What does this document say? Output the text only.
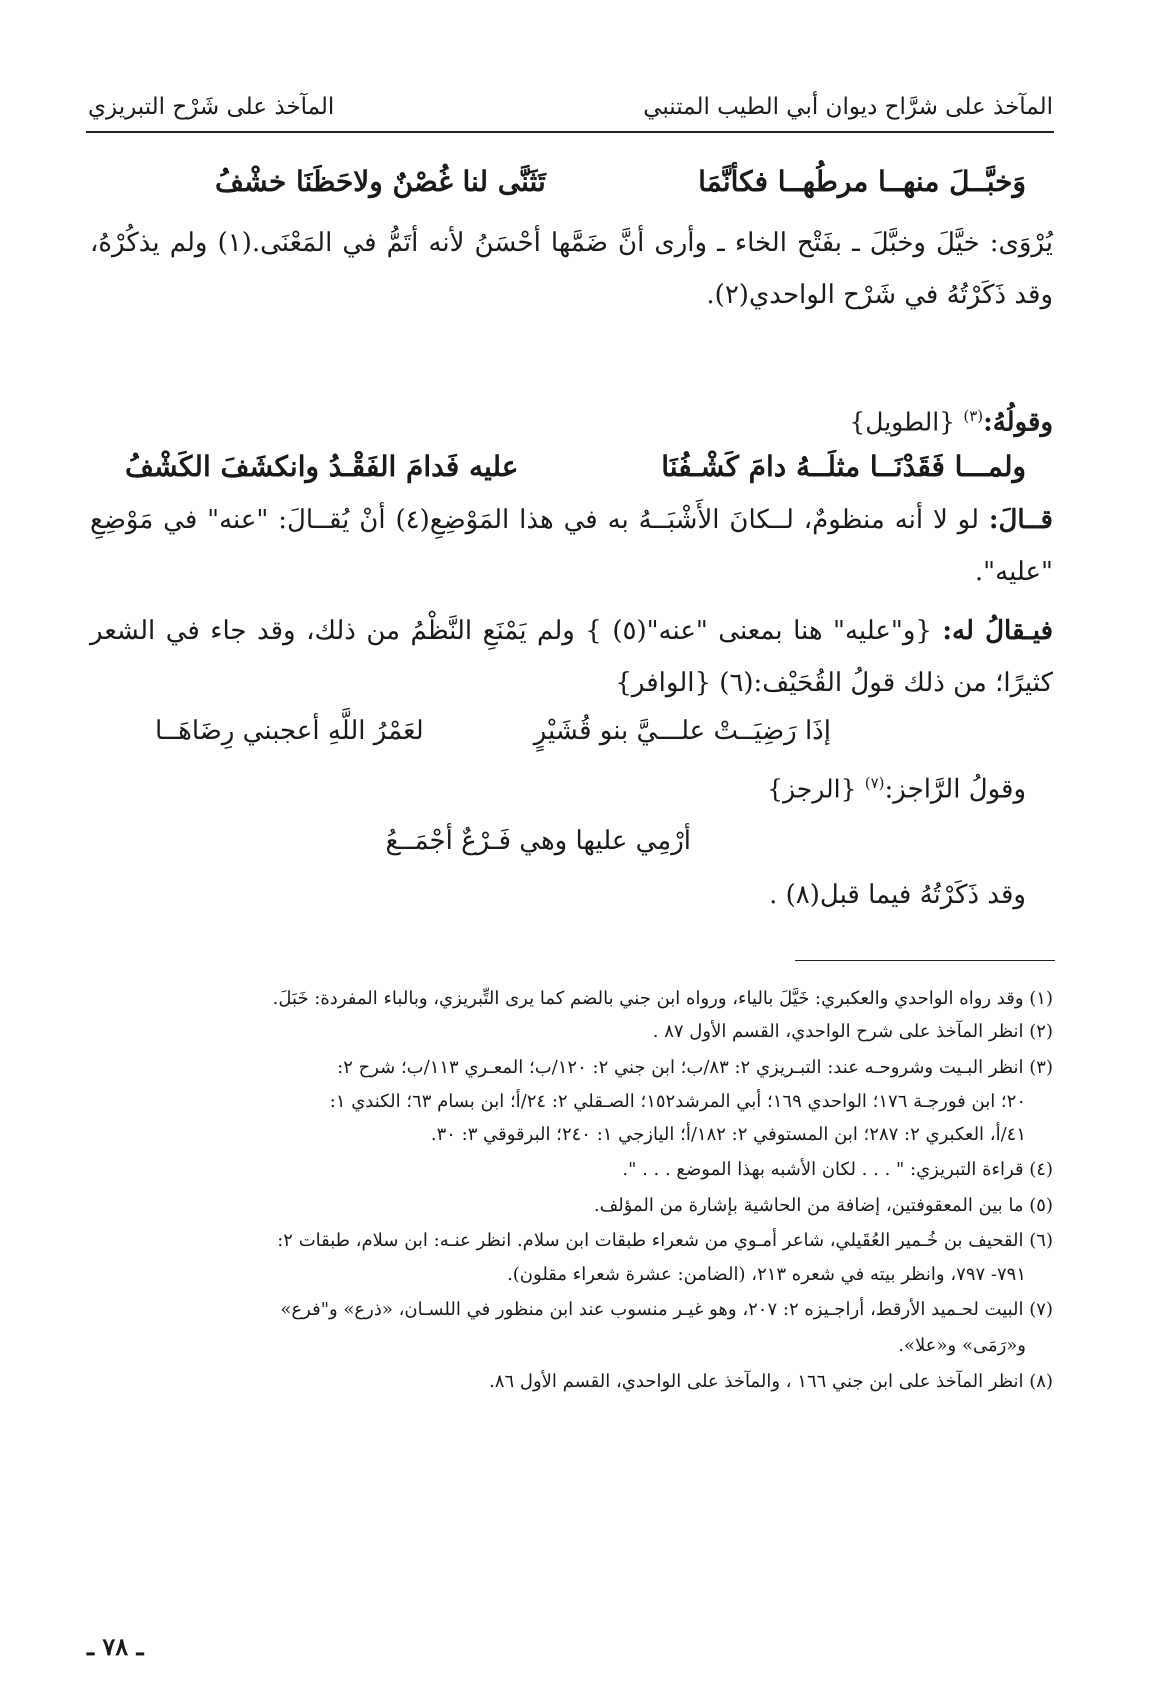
المآخذ على شرَّاح ديوان أبي الطيب المتنبي
المآخذ على شَرْح التبريزي
وَخبَّــلَ منهــا مرطُهــا فكأنَّمَا
تَثَنَّى لنا غُصْنٌ ولاحَظَنَا خشْفُ
يُرْوَى: خيَّلَ وخبَّلَ ـ بفَتْح الخاء ـ وأرى أنَّ ضَمَّها أحْسَنُ لأنه أتَمُّ في المَعْنَى.(١) ولم يذكُرْهُ، وقد ذَكَرْتُهُ في شَرْح الواحدي(٢).
وقولُهُ:$^{(٣)}$ {الطويل}
ولمـــا فَقَدْنَــا مثلَــهُ دامَ كَشْـفُنَا
عليه فَدامَ الفَقْـدُ وانكشَفَ الكَشْفُ
قــالَ: لو لا أنه منظومٌ، لــكانَ الأَشْبَــهُ به في هذا المَوْضِعِ(٤) أنْ يُقــالَ: "عنه" في مَوْضِعِ "عليه".
فيـقالُ له: {و"عليه" هنا بمعنى "عنه"(٥) } ولم يَمْنَعِ النَّظْمُ من ذلك، وقد جاء في الشعر كثيرًا؛ من ذلك قولُ القُحَيْف:(٦) {الوافر}
إذَا رَضِيَــتْ علـــيَّ بنو قُشَيْرٍ
لعَمْرُ اللَّهِ أعجبني رِضَاهَــا
وقولُ الرَّاجز:$^{(٧)}$ {الرجز}
أرْمِي عليها وهي فَـرْعٌ أجْمَــعُ
وقد ذَكَرْتُهُ فيما قبل(٨) .
(١) وقد رواه الواحدي والعكبري: خَيَّلَ بالياء، ورواه ابن جني بالضم كما يرى التِّبريزي، وبالباء المفردة: خَبَلَ.
(٢) انظر المآخذ على شرح الواحدي، القسم الأول ٨٧ .
(٣) انظر البـيت وشروحـه عند: التبـريزي ٢: ٨٣/ب؛ ابن جني ٢: ١٢٠/ب؛ المعـري ١١٣/ب؛ شرح ٢:
٢٠؛ ابن فورجـة ١٧٦؛ الواحدي ١٦٩؛ أبي المرشد١٥٢؛ الصـقلي ٢: ٢٤/أ؛ ابن بسام ٦٣؛ الكندي ١:
٤١/أ، العكبري ٢: ٢٨٧؛ ابن المستوفي ٢: ١٨٢/أ؛ اليازجي ١: ٢٤٠؛ البرقوقي ٣: ٣٠.
(٤) قراءة التبريزي: " . . . لكان الأشبه بهذا الموضع . . . ".
(٥) ما بين المعقوفتين، إضافة من الحاشية بإشارة من المؤلف.
(٦) القحيف بن خُـمير العُقَيلي، شاعر أمـوي من شعراء طبقات ابن سلام. انظر عنـه: ابن سلام، طبقات ٢:
٧٩١- ٧٩٧، وانظر بيته في شعره ٢١٣، (الضامن: عشرة شعراء مقلون).
(٧) البيت لحـميد الأرقط، أراجـيزه ٢: ٢٠٧، وهو غيـر منسوب عند ابن منظور في اللسـان، «ذرع» و"فرع»
و«رَمَى» و«علا».
(٨) انظر المآخذ على ابن جني ١٦٦ ، والمآخذ على الواحدي، القسم الأول ٨٦.
ـ ٧٨ ـ
